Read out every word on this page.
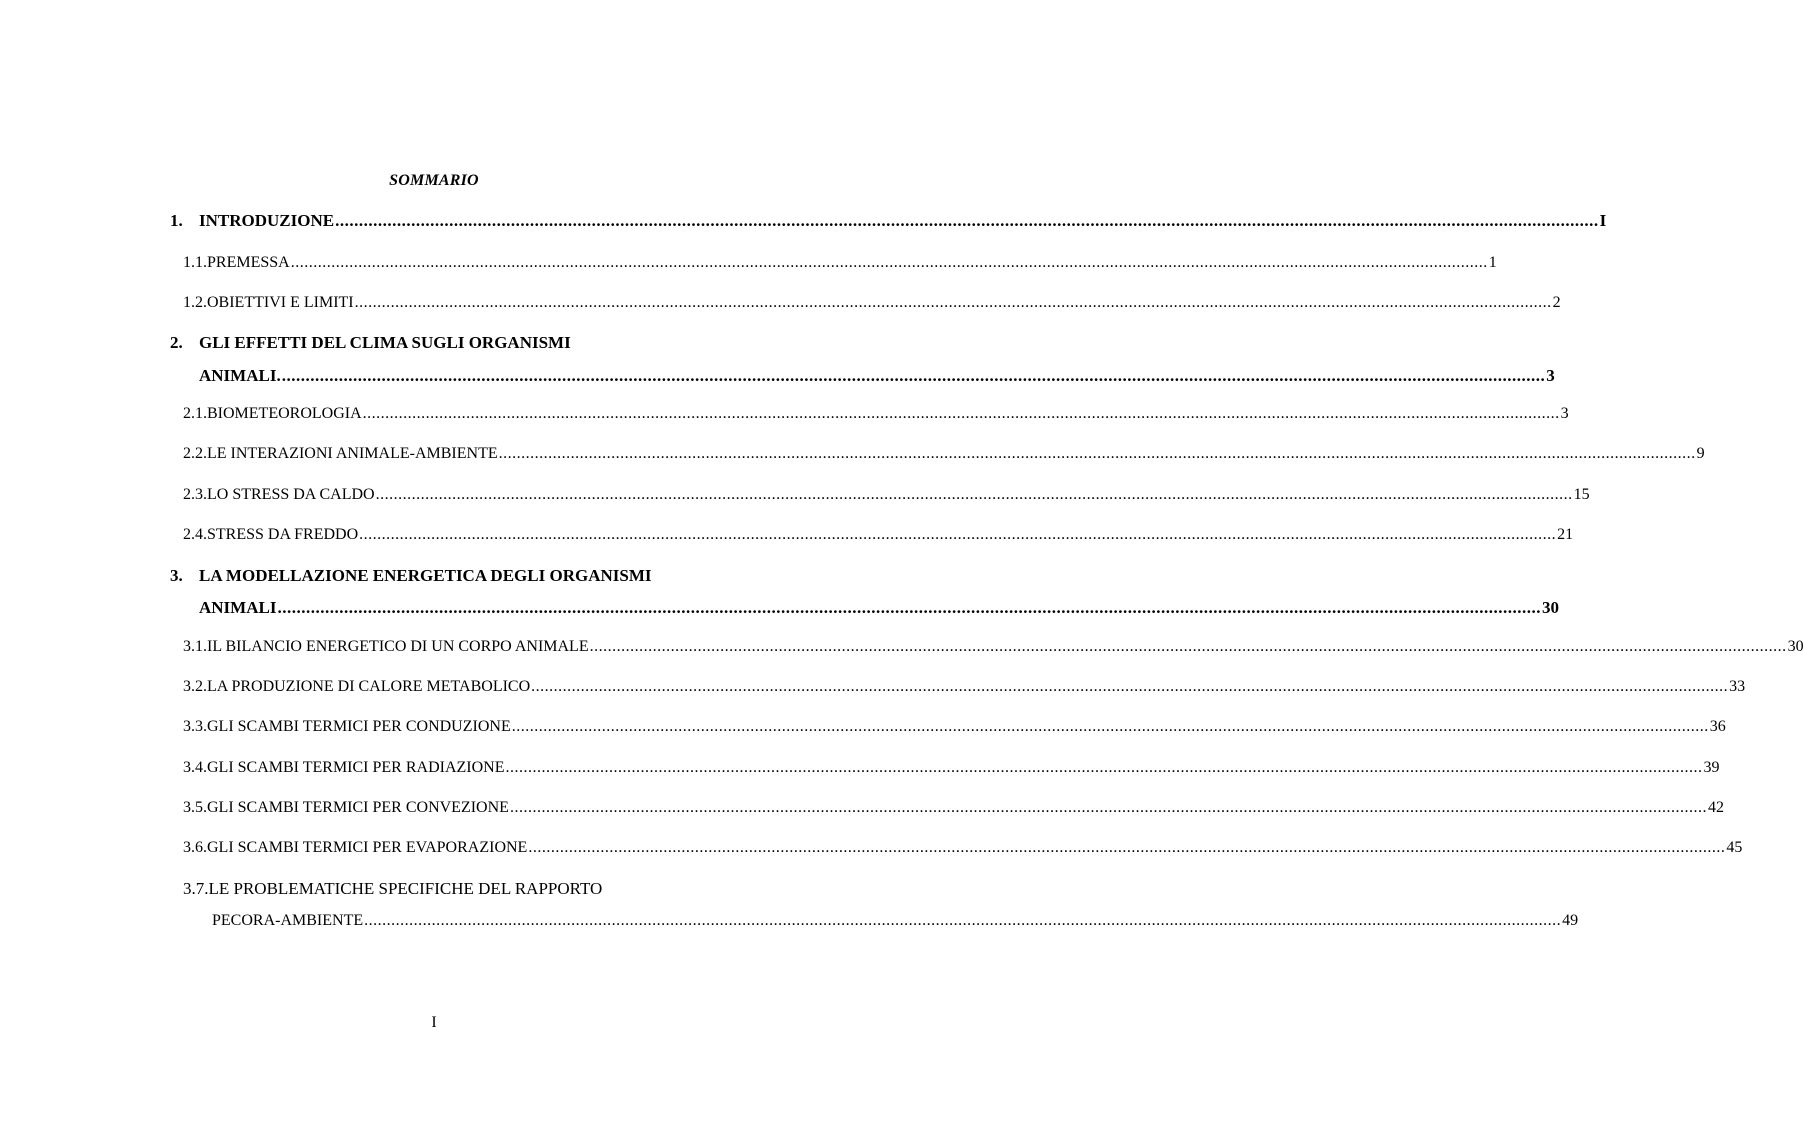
SOMMARIO
1. INTRODUZIONE .......................................................................................................................................................................................................................................................................... I
1.1.PREMESSA .......................................................................................................................................................................................................................................................................... 1
1.2.OBIETTIVI E LIMITI .......................................................................................................................................................................................................................................................................... 2
2. GLI EFFETTI DEL CLIMA SUGLI ORGANISMI
ANIMALI. .......................................................................................................................................................................................................................................................................... 3
2.1.BIOMETEOROLOGIA .......................................................................................................................................................................................................................................................................... 3
2.2.LE INTERAZIONI ANIMALE-AMBIENTE .......................................................................................................................................................................................................................................................................... 9
2.3.LO STRESS DA CALDO .......................................................................................................................................................................................................................................................................... 15
2.4.STRESS DA FREDDO .......................................................................................................................................................................................................................................................................... 21
3. LA MODELLAZIONE ENERGETICA DEGLI ORGANISMI
ANIMALI .......................................................................................................................................................................................................................................................................... 30
3.1.IL BILANCIO ENERGETICO DI UN CORPO ANIMALE .......................................................................................................................................................................................................................................................................... 30
3.2.LA PRODUZIONE DI CALORE METABOLICO .......................................................................................................................................................................................................................................................................... 33
3.3.GLI SCAMBI TERMICI PER CONDUZIONE .......................................................................................................................................................................................................................................................................... 36
3.4.GLI SCAMBI TERMICI PER RADIAZIONE .......................................................................................................................................................................................................................................................................... 39
3.5.GLI SCAMBI TERMICI PER CONVEZIONE .......................................................................................................................................................................................................................................................................... 42
3.6.GLI SCAMBI TERMICI PER EVAPORAZIONE .......................................................................................................................................................................................................................................................................... 45
3.7.LE PROBLEMATICHE SPECIFICHE DEL RAPPORTO
PECORA-AMBIENTE .......................................................................................................................................................................................................................................................................... 49
I
